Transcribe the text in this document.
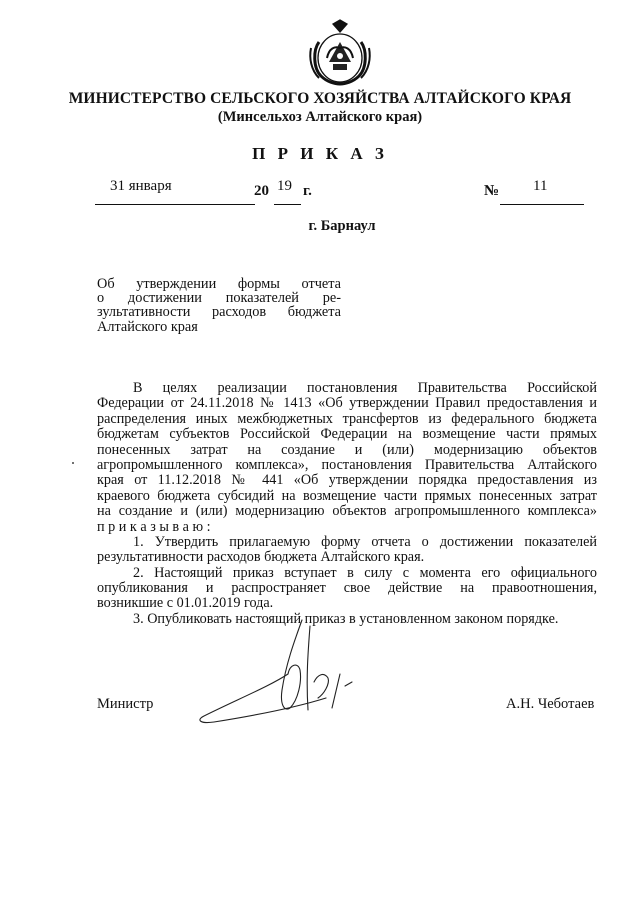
МИНИСТЕРСТВО СЕЛЬСКОГО ХОЗЯЙСТВА АЛТАЙСКОГО КРАЯ
(Минсельхоз Алтайского края)
П Р И К А З
31 января	20 19 г.	№ 11
г. Барнаул
Об утверждении формы отчета
о достижении показателей ре-
зультативности расходов бюджета
Алтайского края
В целях реализации постановления Правительства Российской
Федерации от 24.11.2018 № 1413 «Об утверждении Правил предоставления и
распределения иных межбюджетных трансфертов из федерального бюджета
бюджетам субъектов Российской Федерации на возмещение части прямых
понесенных затрат на создание и (или) модернизацию объектов
агропромышленного комплекса», постановления Правительства Алтайского
края от 11.12.2018 № 441 «Об утверждении порядка предоставления из
краевого бюджета субсидий на возмещение части прямых понесенных затрат
на создание и (или) модернизацию объектов агропромышленного комплекса»
п р и к а з ы в а ю :
1. Утвердить прилагаемую форму отчета о достижении показателей
результативности расходов бюджета Алтайского края.
2. Настоящий приказ вступает в силу с момента его официального
опубликования и распространяет свое действие на правоотношения,
возникшие с 01.01.2019 года.
3. Опубликовать настоящий приказ в установленном законом порядке.
Министр	А.Н. Чеботаев
